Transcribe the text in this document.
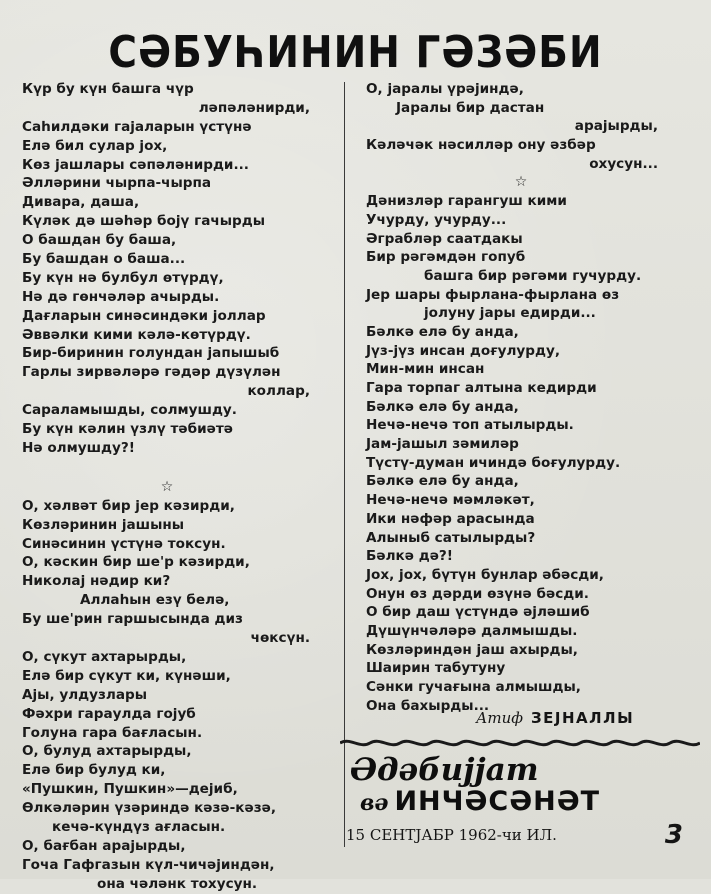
СӘБУҺИНИН ГӘЗӘБИ
Күр бу күн башга чүр
ләпәләнирди,
Саһилдәки гајаларын үстүнә
Елә бил сулар јох,
Көз јашлары сәпәләнирди...
Әлләрини чырпа-чырпа
Дивара, даша,
Күләк дә шәһәр бојү гачырды
О башдан бу баша,
Бу башдан о баша...
Бу күн нә булбул өтүрдү,
Нә дә гөнчәләр ачырды.
Дағларын синәсиндәки јоллар
Әввәлки кими кәлә-көтүрдү.
Бир-биринин голундан јапышыб
Гарлы зирвәләрә гәдәр дүзүлән
коллар,
Сараламышды, солмушду.
Бу күн кәлин үзлү тәбиәтә
Нә олмушду?!
☆
О, хәлвәт бир јер кәзирди,
Көзләринин јашыны
Синәсинин үстүнә токсун.
О, кәскин бир ше'р кәзирди,
Николај нәдир ки?
Аллаһын езү белә,
Бу ше'рин гаршысында диз
чөксүн.
О, сүкут ахтарырды,
Елә бир сүкут ки, күнәши,
Ајы, улдузлары
Фәхри гараулда гојуб
Голуна гара бағласын.
О, булуд ахтарырды,
Елә бир булуд ки,
«Пушкин, Пушкин»—дејиб,
Өлкәләрин үзәриндә кәзә-кәзә,
кечә-күндүз ағласын.
О, бағбан арајырды,
Гоча Гафгазын күл-чичәјиндән,
она чәләнк тохусун.
О, јаралы үрәјиндә,
Јаралы бир дастан
арајырды,
Кәләчәк нәсилләр ону әзбәр
охусун...
☆
Дәнизләр гарангуш кими
Учурду, учурду...
Әграбләр саатдакы
Бир рәгәмдән гопуб
башга бир рәгәми гучурду.
Јер шары фырлана-фырлана өз
јолуну јары едирди...
Бәлкә елә бу анда,
Јүз-јүз инсан доғулурду,
Мин-мин инсан
Гара торпаг алтына кедирди
Бәлкә елә бу анда,
Нечә-нечә топ атылырды.
Јам-јашыл зәмиләр
Түстү-думан ичиндә боғулурду.
Бәлкә елә бу анда,
Нечә-нечә мәмләкәт,
Ики нәфәр арасында
Алыныб сатылырды?
Бәлкә дә?!
Јох, јох, бүтүн бунлар әбәсди,
Онун өз дәрди өзүнә бәсди.
О бир даш үстүндә әјләшиб
Дүшүнчәләрә далмышды.
Көзләриндән јаш ахырды,
Шаирин табутуну
Сәнки гучағына алмышды,
Она бахырды...
Атиф ЗЕЈНАЛЛЫ
Әдәбијјат
вә ИНЧӘСӘНӘТ
15 СЕНТЈАБР 1962-чи ИЛ.	3
